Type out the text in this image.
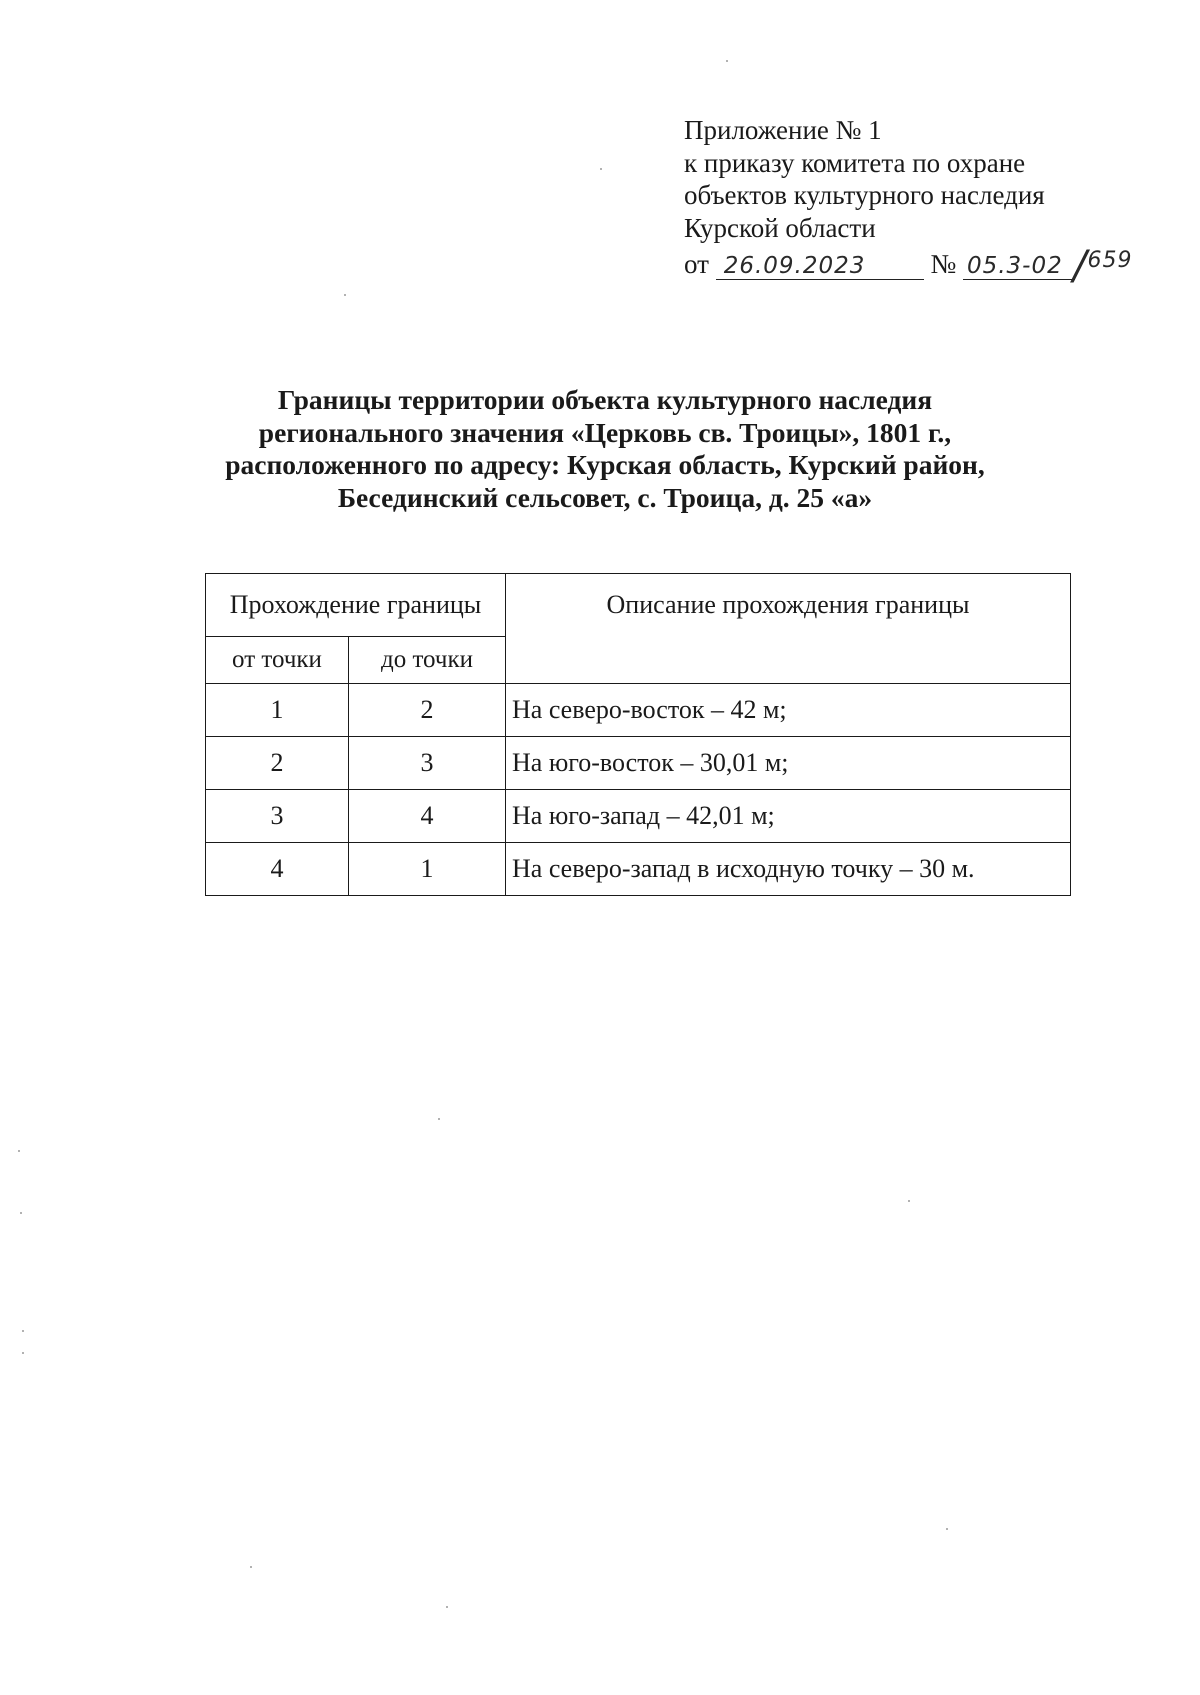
Приложение № 1
к приказу комитета по охране
объектов культурного наследия
Курской области
от 26.09.2023 № 05.3-02 /$^{659}$
Границы территории объекта культурного наследия
регионального значения «Церковь св. Троицы», 1801 г.,
расположенного по адресу: Курская область, Курский район,
Бесединский сельсовет, с. Троица, д. 25 «а»
Прохождение границы		Описание прохождения границы
от точки	до точки	
1	2	На северо-восток – 42 м;
2	3	На юго-восток – 30,01 м;
3	4	На юго-запад – 42,01 м;
4	1	На северо-запад в исходную точку – 30 м.
